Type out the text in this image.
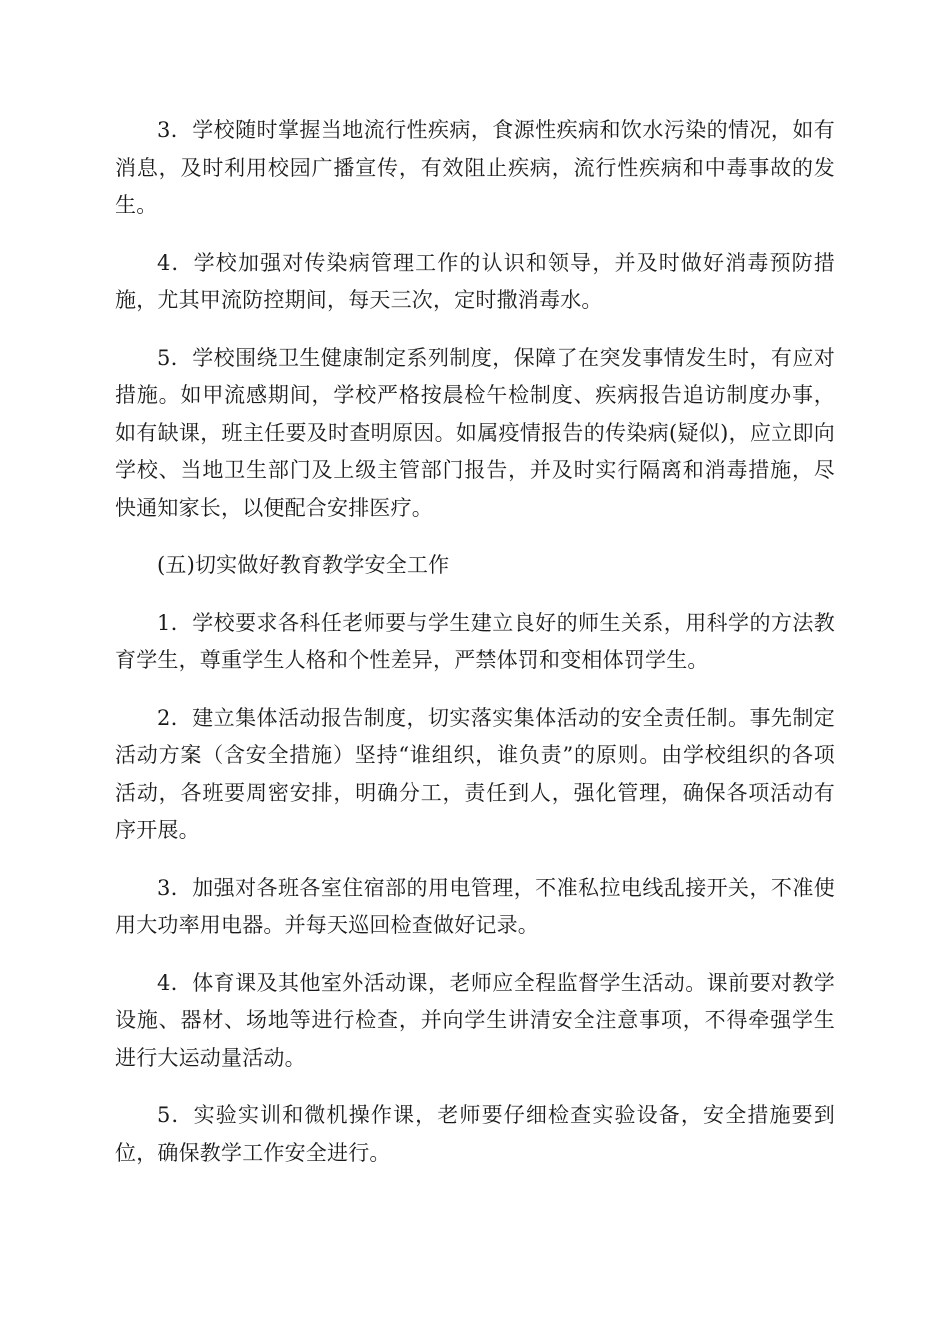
3．学校随时掌握当地流行性疾病，食源性疾病和饮水污染的情况，如有消息，及时利用校园广播宣传，有效阻止疾病，流行性疾病和中毒事故的发生。

4．学校加强对传染病管理工作的认识和领导，并及时做好消毒预防措施，尤其甲流防控期间，每天三次，定时撒消毒水。

5．学校围绕卫生健康制定系列制度，保障了在突发事情发生时，有应对措施。如甲流感期间，学校严格按晨检午检制度、疾病报告追访制度办事，如有缺课，班主任要及时查明原因。如属疫情报告的传染病(疑似)，应立即向学校、当地卫生部门及上级主管部门报告，并及时实行隔离和消毒措施，尽快通知家长，以便配合安排医疗。

(五)切实做好教育教学安全工作

1．学校要求各科任老师要与学生建立良好的师生关系，用科学的方法教育学生，尊重学生人格和个性差异，严禁体罚和变相体罚学生。

2．建立集体活动报告制度，切实落实集体活动的安全责任制。事先制定活动方案（含安全措施）坚持“谁组织，谁负责”的原则。由学校组织的各项活动，各班要周密安排，明确分工，责任到人，强化管理，确保各项活动有序开展。

3．加强对各班各室住宿部的用电管理，不准私拉电线乱接开关，不准使用大功率用电器。并每天巡回检查做好记录。

4．体育课及其他室外活动课，老师应全程监督学生活动。课前要对教学设施、器材、场地等进行检查，并向学生讲清安全注意事项，不得牵强学生进行大运动量活动。

5．实验实训和微机操作课，老师要仔细检查实验设备，安全措施要到位，确保教学工作安全进行。
